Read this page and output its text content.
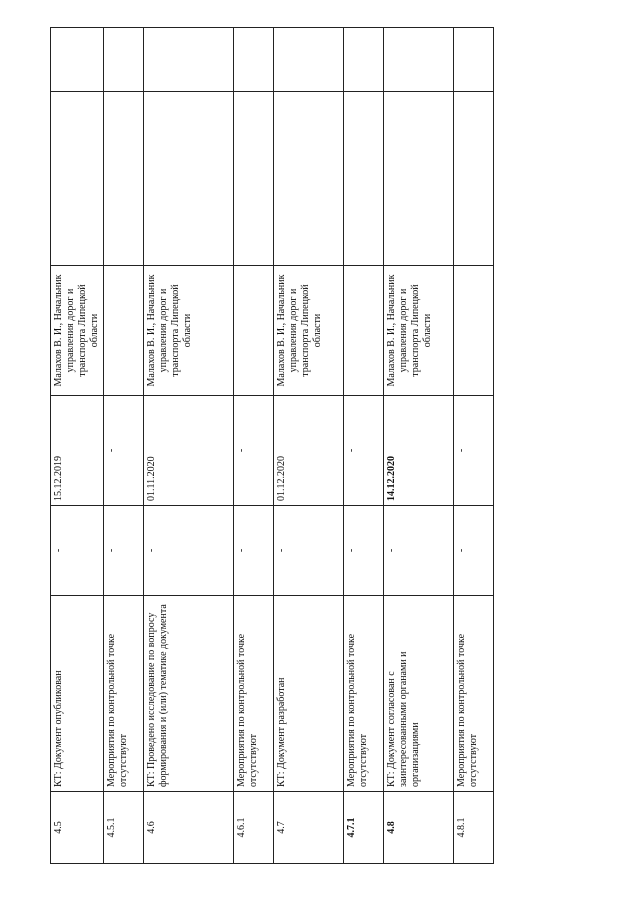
4.5	КТ: Документ опубликован	-	15.12.2019	Малахов В. И., Начальник управления дорог и транспорта Липецкой области		
4.5.1	Мероприятия по контрольной точке отсутствуют	-	-			
4.6	КТ: Проведено исследование по вопросу формирования и (или) тематике документа	-	01.11.2020	Малахов В. И., Начальник управления дорог и транспорта Липецкой области		
4.6.1	Мероприятия по контрольной точке отсутствуют	-	-			
4.7	КТ: Документ разработан	-	01.12.2020	Малахов В. И., Начальник управления дорог и транспорта Липецкой области		
4.7.1	Мероприятия по контрольной точке отсутствуют	-	-			
4.8	КТ: Документ согласован с заинтересованными органами и организациями	-	14.12.2020	Малахов В. И., Начальник управления дорог и транспорта Липецкой области		
4.8.1	Мероприятия по контрольной точке отсутствуют	-	-			
